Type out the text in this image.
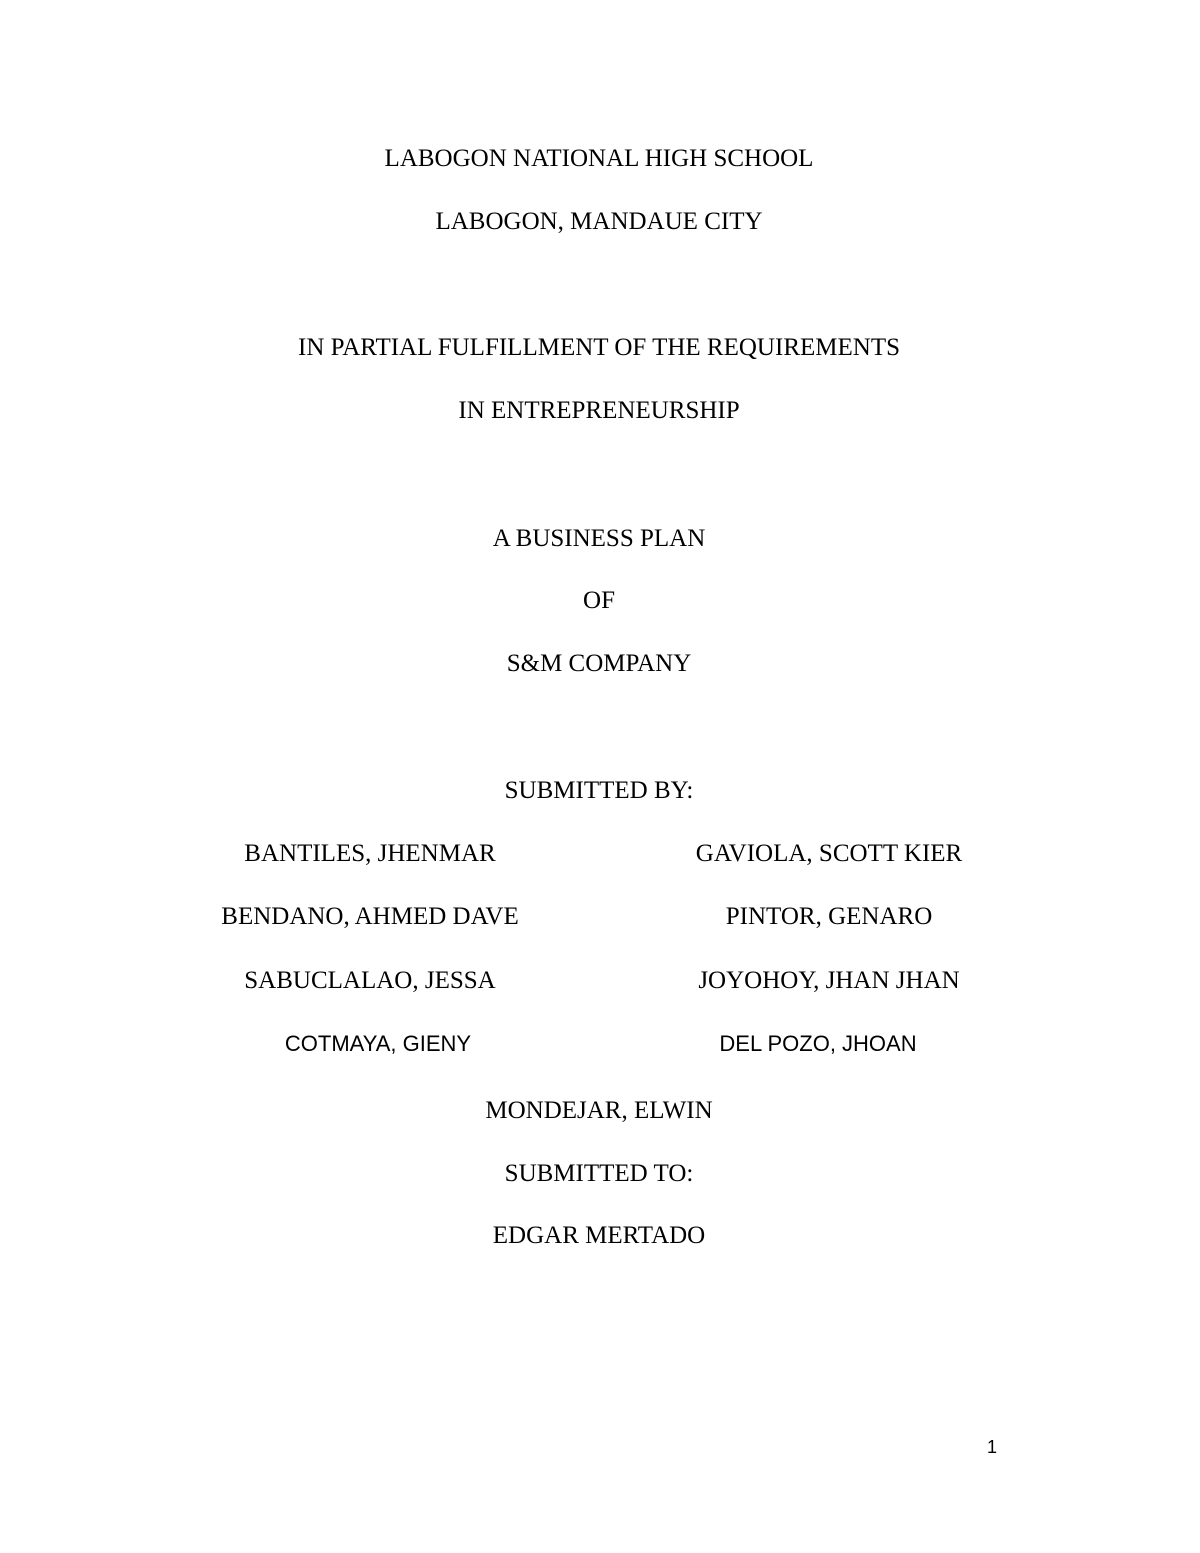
LABOGON NATIONAL HIGH SCHOOL
LABOGON, MANDAUE CITY
IN PARTIAL FULFILLMENT OF THE REQUIREMENTS
IN ENTREPRENEURSHIP
A BUSINESS PLAN
OF
S&M COMPANY
SUBMITTED BY:
BANTILES, JHENMAR	GAVIOLA, SCOTT KIER
BENDANO, AHMED DAVE	PINTOR, GENARO
SABUCLALAO, JESSA	JOYOHOY, JHAN JHAN
COTMAYA, GIENY	DEL POZO, JHOAN
MONDEJAR, ELWIN
SUBMITTED TO:
EDGAR MERTADO
1
